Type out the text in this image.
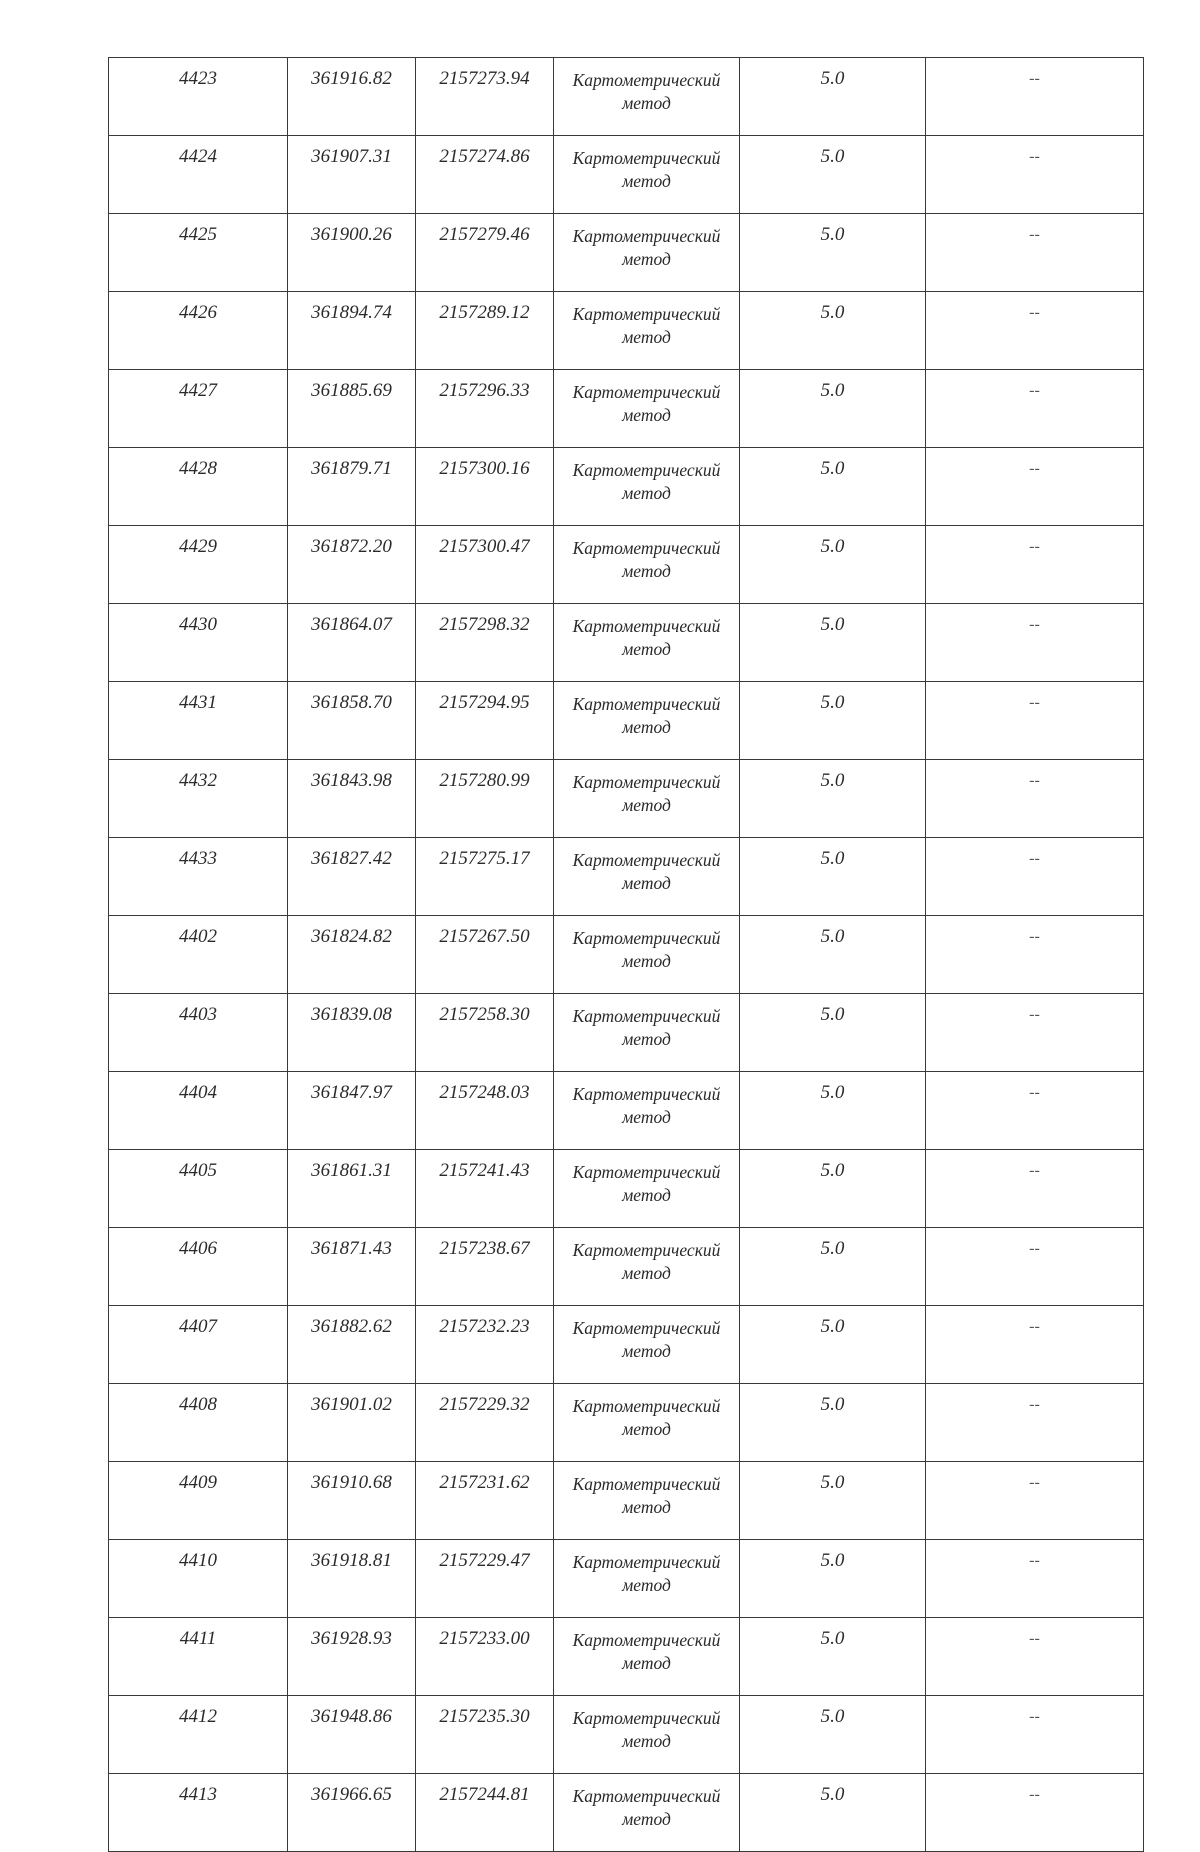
4423	361916.82	2157273.94	Картометрический
метод	5.0	--
4424	361907.31	2157274.86	Картометрический
метод	5.0	--
4425	361900.26	2157279.46	Картометрический
метод	5.0	--
4426	361894.74	2157289.12	Картометрический
метод	5.0	--
4427	361885.69	2157296.33	Картометрический
метод	5.0	--
4428	361879.71	2157300.16	Картометрический
метод	5.0	--
4429	361872.20	2157300.47	Картометрический
метод	5.0	--
4430	361864.07	2157298.32	Картометрический
метод	5.0	--
4431	361858.70	2157294.95	Картометрический
метод	5.0	--
4432	361843.98	2157280.99	Картометрический
метод	5.0	--
4433	361827.42	2157275.17	Картометрический
метод	5.0	--
4402	361824.82	2157267.50	Картометрический
метод	5.0	--
4403	361839.08	2157258.30	Картометрический
метод	5.0	--
4404	361847.97	2157248.03	Картометрический
метод	5.0	--
4405	361861.31	2157241.43	Картометрический
метод	5.0	--
4406	361871.43	2157238.67	Картометрический
метод	5.0	--
4407	361882.62	2157232.23	Картометрический
метод	5.0	--
4408	361901.02	2157229.32	Картометрический
метод	5.0	--
4409	361910.68	2157231.62	Картометрический
метод	5.0	--
4410	361918.81	2157229.47	Картометрический
метод	5.0	--
4411	361928.93	2157233.00	Картометрический
метод	5.0	--
4412	361948.86	2157235.30	Картометрический
метод	5.0	--
4413	361966.65	2157244.81	Картометрический
метод	5.0	--
